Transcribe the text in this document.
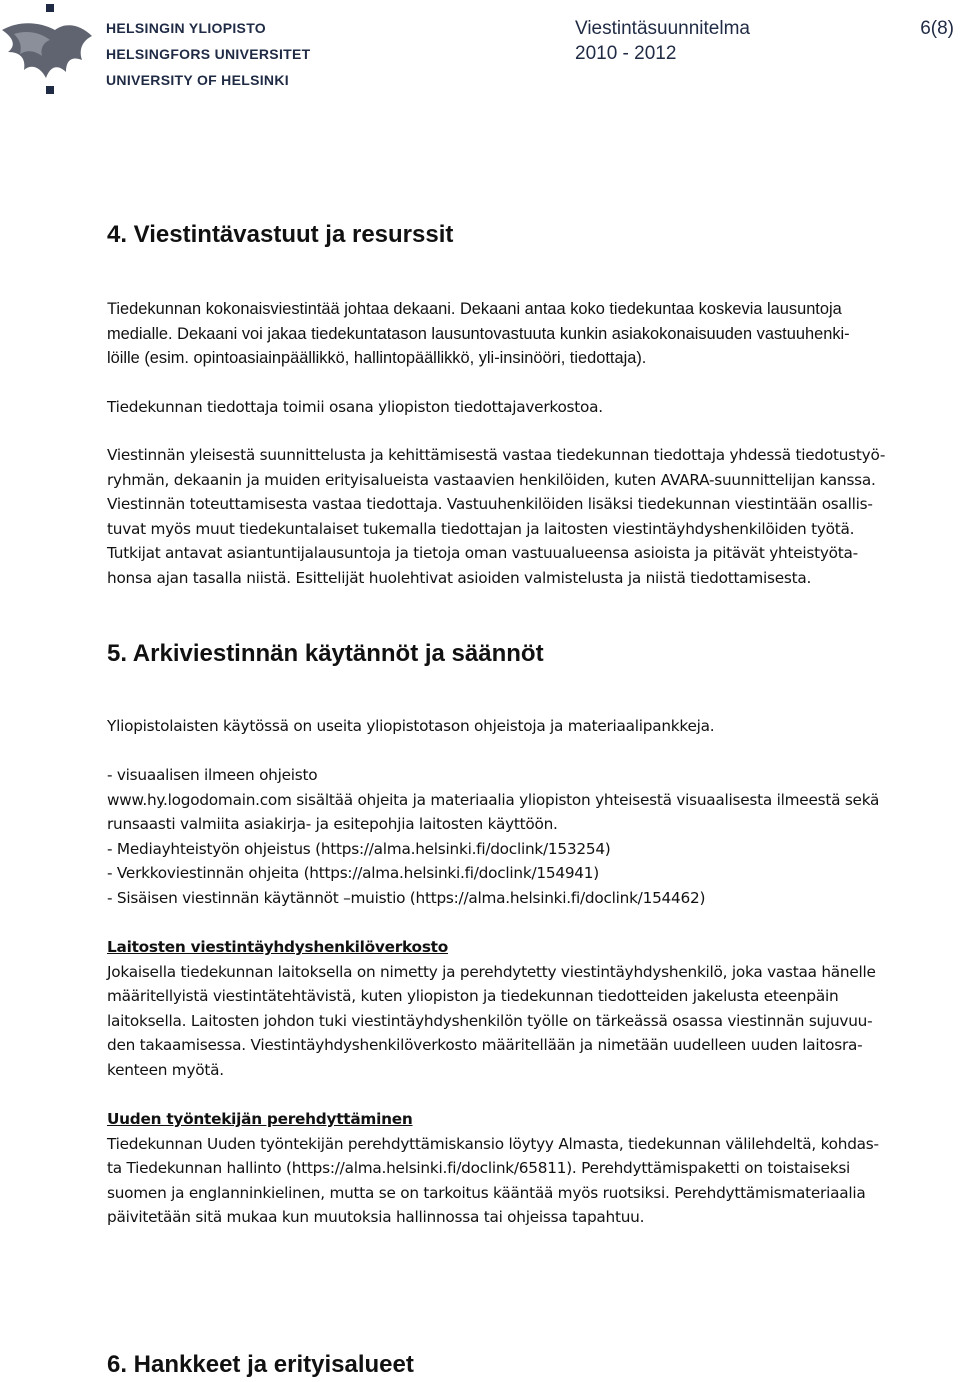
HELSINGIN YLIOPISTO
HELSINGFORS UNIVERSITET
UNIVERSITY OF HELSINKI
Viestintäsuunnitelma	6(8)
2010 - 2012
4. Viestintävastuut ja resurssit
Tiedekunnan kokonaisviestintää johtaa dekaani. Dekaani antaa koko tiedekuntaa koskevia lausuntoja
medialle. Dekaani voi jakaa tiedekuntatason lausuntovastuuta kunkin asiakokonaisuuden vastuuhenki-
löille (esim. opintoasiainpäällikkö, hallintopäällikkö, yli-insinööri, tiedottaja).
Tiedekunnan tiedottaja toimii osana yliopiston tiedottajaverkostoa.
Viestinnän yleisestä suunnittelusta ja kehittämisestä vastaa tiedekunnan tiedottaja yhdessä tiedotustyö-
ryhmän, dekaanin ja muiden erityisalueista vastaavien henkilöiden, kuten AVARA-suunnittelijan kanssa.
Viestinnän toteuttamisesta vastaa tiedottaja. Vastuuhenkilöiden lisäksi tiedekunnan viestintään osallis-
tuvat myös muut tiedekuntalaiset tukemalla tiedottajan ja laitosten viestintäyhdyshenkilöiden työtä.
Tutkijat antavat asiantuntijalausuntoja ja tietoja oman vastuualueensa asioista ja pitävät yhteistyöta-
honsa ajan tasalla niistä. Esittelijät huolehtivat asioiden valmistelusta ja niistä tiedottamisesta.
5. Arkiviestinnän käytännöt ja säännöt
Yliopistolaisten käytössä on useita yliopistotason ohjeistoja ja materiaalipankkeja.
- visuaalisen ilmeen ohjeisto
www.hy.logodomain.com sisältää ohjeita ja materiaalia yliopiston yhteisestä visuaalisesta ilmeestä sekä
runsaasti valmiita asiakirja- ja esitepohjia laitosten käyttöön.
- Mediayhteistyön ohjeistus (https://alma.helsinki.fi/doclink/153254)
- Verkkoviestinnän ohjeita (https://alma.helsinki.fi/doclink/154941)
- Sisäisen viestinnän käytännöt –muistio (https://alma.helsinki.fi/doclink/154462)
Laitosten viestintäyhdyshenkilöverkosto
Jokaisella tiedekunnan laitoksella on nimetty ja perehdytetty viestintäyhdyshenkilö, joka vastaa hänelle
määritellyistä viestintätehtävistä, kuten yliopiston ja tiedekunnan tiedotteiden jakelusta eteenpäin
laitoksella. Laitosten johdon tuki viestintäyhdyshenkilön työlle on tärkeässä osassa viestinnän sujuvuu-
den takaamisessa. Viestintäyhdyshenkilöverkosto määritellään ja nimetään uudelleen uuden laitosra-
kenteen myötä.
Uuden työntekijän perehdyttäminen
Tiedekunnan Uuden työntekijän perehdyttämiskansio löytyy Almasta, tiedekunnan välilehdeltä, kohdas-
ta Tiedekunnan hallinto (https://alma.helsinki.fi/doclink/65811). Perehdyttämispaketti on toistaiseksi
suomen ja englanninkielinen, mutta se on tarkoitus kääntää myös ruotsiksi. Perehdyttämismateriaalia
päivitetään sitä mukaa kun muutoksia hallinnossa tai ohjeissa tapahtuu.
6. Hankkeet ja erityisalueet
